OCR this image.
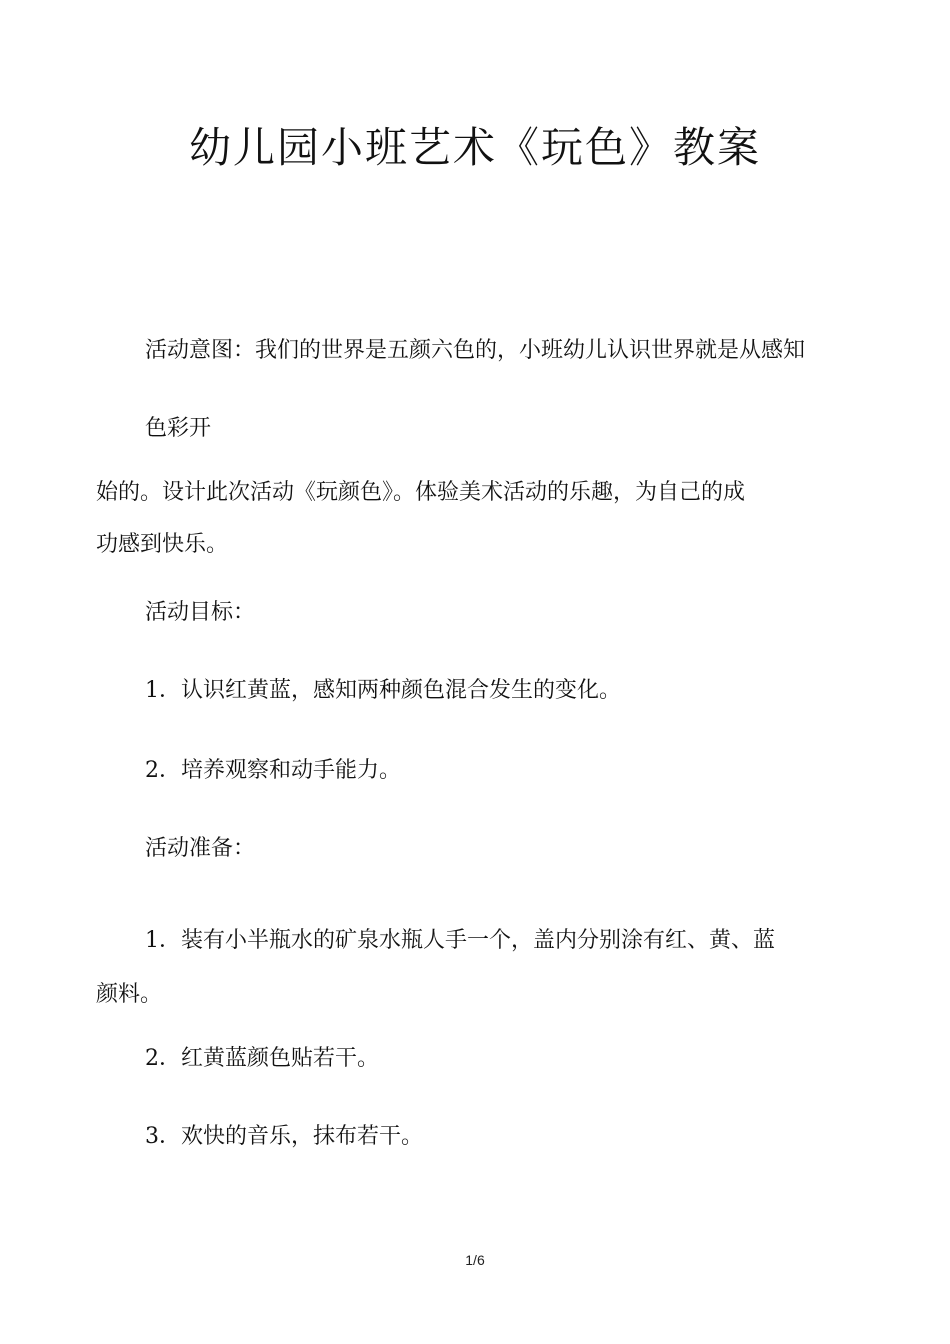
幼儿园小班艺术《玩色》教案
活动意图：我们的世界是五颜六色的，小班幼儿认识世界就是从感知
色彩开
始的。设计此次活动《玩颜色》。体验美术活动的乐趣，为自己的成
功感到快乐。
活动目标：
1．认识红黄蓝，感知两种颜色混合发生的变化。
2．培养观察和动手能力。
活动准备：
1．装有小半瓶水的矿泉水瓶人手一个，盖内分别涂有红、黄、蓝
颜料。
2．红黄蓝颜色贴若干。
3．欢快的音乐，抹布若干。
1/6
